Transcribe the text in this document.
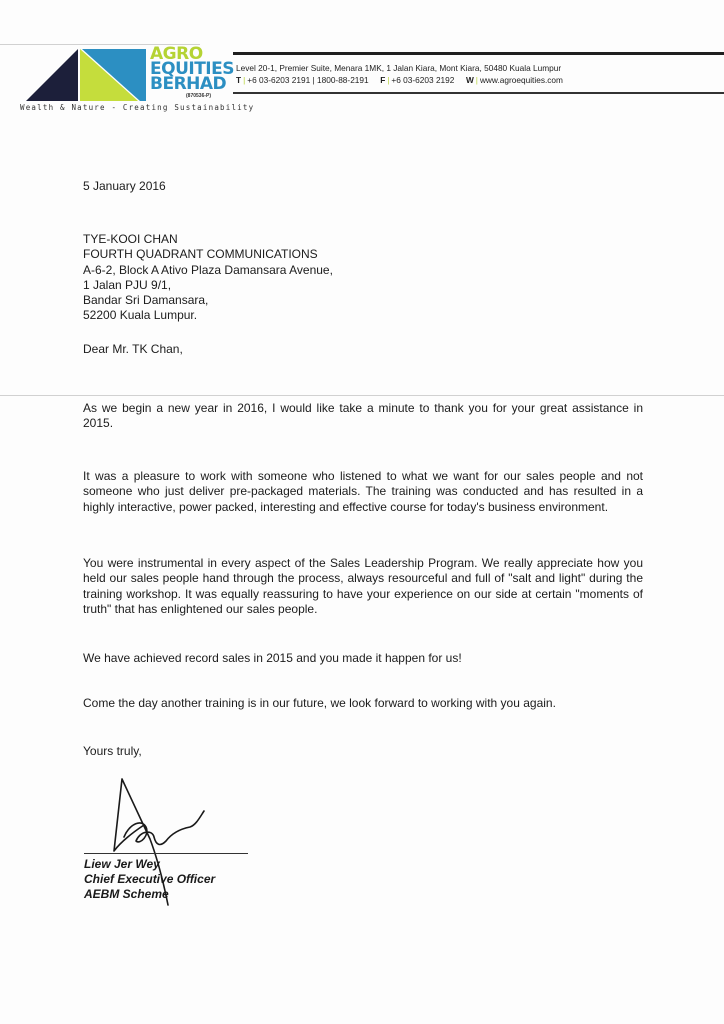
AGRO
EQUITIES
BERHAD
(870536-P)
Wealth & Nature - Creating Sustainability
Level 20-1, Premier Suite, Menara 1MK, 1 Jalan Kiara, Mont Kiara, 50480 Kuala Lumpur
T | +6 03-6203 2191 | 1800-88-2191 F | +6 03-6203 2192 W | www.agroequities.com
5 January 2016
TYE-KOOI CHAN
FOURTH QUADRANT COMMUNICATIONS
A-6-2, Block A Ativo Plaza Damansara Avenue,
1 Jalan PJU 9/1,
Bandar Sri Damansara,
52200 Kuala Lumpur.
Dear Mr. TK Chan,
As we begin a new year in 2016, I would like take a minute to thank you for your great assistance in 2015.
It was a pleasure to work with someone who listened to what we want for our sales people and not someone who just deliver pre-packaged materials. The training was conducted and has resulted in a highly interactive, power packed, interesting and effective course for today's business environment.
You were instrumental in every aspect of the Sales Leadership Program. We really appreciate how you held our sales people hand through the process, always resourceful and full of "salt and light" during the training workshop. It was equally reassuring to have your experience on our side at certain "moments of truth" that has enlightened our sales people.
We have achieved record sales in 2015 and you made it happen for us!
Come the day another training is in our future, we look forward to working with you again.
Yours truly,
Liew Jer Wey
Chief Executive Officer
AEBM Scheme
